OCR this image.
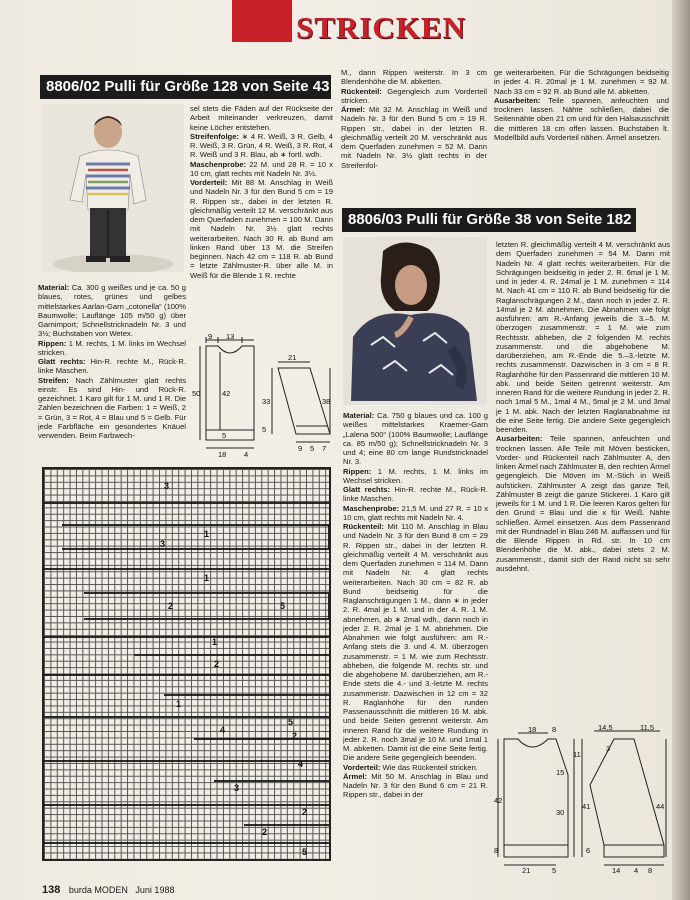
STRICKEN
8806/02 Pulli für Größe 128 von Seite 43

Material: Ca. 300 g weißes und je ca. 50 g blaues, rotes, grünes und gelbes mittelstarkes Aarlan-Garn „cotonella“ (100% Baumwolle; Lauflänge 105 m/50 g) über Garnimport; Schnellstricknadeln Nr. 3 und 3½; Buchstaben von Wetex.

Rippen: 1 M. rechts, 1 M. links im Wechsel stricken.

Glatt rechts: Hin-R. rechte M., Rück-R. linke Maschen.

Streifen: Nach Zählmuster glatt rechts einstr. Es sind Hin- und Rück-R. gezeichnet. 1 Karo gilt für 1 M. und 1 R. Die Zahlen bezeichnen die Farben: 1 = Weiß, 2 = Grün, 3 = Rot, 4 = Blau und 5 = Gelb. Für jede Farbfläche ein gesondertes Knäuel verwenden. Beim Farbwech-

sel stets die Fäden auf der Rückseite der Arbeit miteinander verkreuzen, damit keine Löcher entstehen.

Streifenfolge: ∗ 4 R. Weiß, 3 R. Gelb, 4 R. Weiß, 3 R. Grün, 4 R. Weiß, 3 R. Rot, 4 R. Weiß und 3 R. Blau, ab ∗ fortl. wdh.

Maschenprobe: 22 M. und 28 R. = 10 x 10 cm, glatt rechts mit Nadeln Nr. 3½.

Vorderteil: Mit 88 M. Anschlag in Weiß und Nadeln Nr. 3 für den Bund 5 cm = 19 R. Rippen str., dabei in der letzten R. gleichmäßig verteilt 12 M. verschränkt aus dem Querfaden zunehmen = 100 M. Dann mit Nadeln Nr. 3½ glatt rechts weiterarbeiten. Nach 30 R. ab Bund am linken Rand über 13 M. die Streifen beginnen. Nach 42 cm = 118 R. ab Bund = letzte Zählmuster-R. über alle M. in Weiß für die Blende 1 R. rechte

M., dann Rippen weiterstr. In 3 cm Blendenhöhe die M. abketten.

Rückenteil: Gegengleich zum Vorderteil stricken.

Ärmel: Mit 32 M. Anschlag in Weiß und Nadeln Nr. 3 für den Bund 5 cm = 19 R. Rippen str., dabei in der letzten R. gleichmäßig verteilt 20 M. verschränkt aus dem Querfaden zunehmen = 52 M. Dann mit Nadeln Nr. 3½ glatt rechts in der Streifenfol-

ge weiterarbeiten. Für die Schrägungen beidseitig in jeder 4. R. 20mal je 1 M. zunehmen = 92 M. Nach 33 cm = 92 R. ab Bund alle M. abketten.

Ausarbeiten: Teile spannen, anfeuchten und trocknen lassen. Nähte schließen, dabei die Seitennähte oben 21 cm und für den Halsausschnitt die mittleren 18 cm offen lassen. Buchstaben lt. Modellbild aufs Vorderteil nähen. Ärmel ansetzen.

9 13
50	42
5
18 4
21
33
5
38
9 5 7
3
1
3
1
2	5
1
2
1
4
5
2
4
3
2
2
5
8806/03 Pulli für Größe 38 von Seite 182

Material: Ca. 750 g blaues und ca. 100 g weißes mittelstarkes Kraemer-Garn „Lalena 500“ (100% Baumwolle; Lauflänge ca. 85 m/50 g); Schnellstricknadeln Nr. 3 und 4; eine 80 cm lange Rundstricknadel Nr. 3.

Rippen: 1 M. rechts, 1 M. links im Wechsel stricken.

Glatt rechts: Hin-R. rechte M., Rück-R. linke Maschen.

Maschenprobe: 21,5 M. und 27 R. = 10 x 10 cm, glatt rechts mit Nadeln Nr. 4.

Rückenteil: Mit 110 M. Anschlag in Blau und Nadeln Nr. 3 für den Bund 8 cm = 29 R. Rippen str., dabei in der letzten R. gleichmäßig verteilt 4 M. verschränkt aus dem Querfaden zunehmen = 114 M. Dann mit Nadeln Nr. 4 glatt rechts weiterarbeiten. Nach 30 cm = 82 R. ab Bund beidseitig für die Raglanschrägungen 1 M., dann ∗ in jeder 2. R. 4mal je 1 M. und in der 4. R. 1 M. abnehmen, ab ∗ 2mal wdh., dann noch in jeder 2. R. 2mal je 1 M. abnehmen. Die Abnahmen wie folgt ausführen: am R.-Anfang stets die 3. und 4. M. überzogen zusammenstr. = 1 M. wie zum Rechtsstr. abheben, die folgende M. rechts str. und die abgehobene M. darüberziehen, am R.-Ende stets die 4.- und 3.-letzte M. rechts zusammenstr. Dazwischen in 12 cm = 32 R. Raglanhöhe für den runden Passenausschnitt die mittleren 16 M. abk. und beide Seiten getrennt weiterstr. Am inneren Rand für die weitere Rundung in jeder 2. R. noch 3mal je 10 M. und 1mal 1 M. abketten. Damit ist die eine Seite fertig. Die andere Seite gegengleich beenden.

Vorderteil: Wie das Rückenteil stricken.

Ärmel: Mit 50 M. Anschlag in Blau und Nadeln Nr. 3 für den Bund 6 cm = 21 R. Rippen str., dabei in der

letzten R. gleichmäßig verteilt 4 M. verschränkt aus dem Querfaden zunehmen = 54 M. Dann mit Nadeln Nr. 4 glatt rechts weiterarbeiten. Für die Schrägungen beidseitig in jeder 2. R. 6mal je 1 M. und in jeder 4. R. 24mal je 1 M. zunehmen = 114 M. Nach 41 cm = 110 R. ab Bund beidseitig für die Raglanschrägungen 2 M., dann noch in jeder 2. R. 14mal je 2 M. abnehmen. Die Abnahmen wie folgt ausführen: am R.-Anfang jeweils die 3.–5. M. überzogen zusammenstr. = 1 M. wie zum Rechtsstr. abheben, die 2 folgenden M. rechts zusammenstr. und die abgehobene M. darüberziehen, am R.-Ende die 5.–3.-letzte M. rechts zusammenstr. Dazwischen in 3 cm = 8 R. Raglanhöhe für den Passenrand die mittleren 10 M. abk. und beide Seiten getrennt weiterstr. Am inneren Rand für die weitere Rundung in jeder 2. R. noch 1mal 5 M., 1mal 4 M., 5mal je 2 M. und 3mal je 1 M. abk. Nach der letzten Raglanabnahme ist die eine Seite fertig. Die andere Seite gegengleich beenden.

Ausarbeiten: Teile spannen, anfeuchten und trocknen lassen. Alle Teile mit Möven besticken, Vorder- und Rückenteil nach Zählmuster A, den linken Ärmel nach Zählmuster B, den rechten Ärmel gegengleich. Die Möven im M.-Stich in Weiß aufsticken. Zählmuster A zeigt das ganze Teil, Zählmuster B zeigt die ganze Stickerei. 1 Karo gilt jeweils für 1 M. und 1 R. Die leeren Karos gelten für den Grund = Blau und die x für Weiß. Nähte schließen. Ärmel einsetzen. Aus dem Passenrand mit der Rundnadel in Blau 246 M. auffassen und für die Blende Rippen in Rd. str. In 10 cm Blendenhöhe die M. abk., dabei stets 2 M. zusammenstr., damit sich der Rand nicht so sehr ausdehnt.

18 8
11
15
42
30
8
21	5
14,5	11,5
3
41	44
6
14 4 8
138 burda MODEN Juni 1988
